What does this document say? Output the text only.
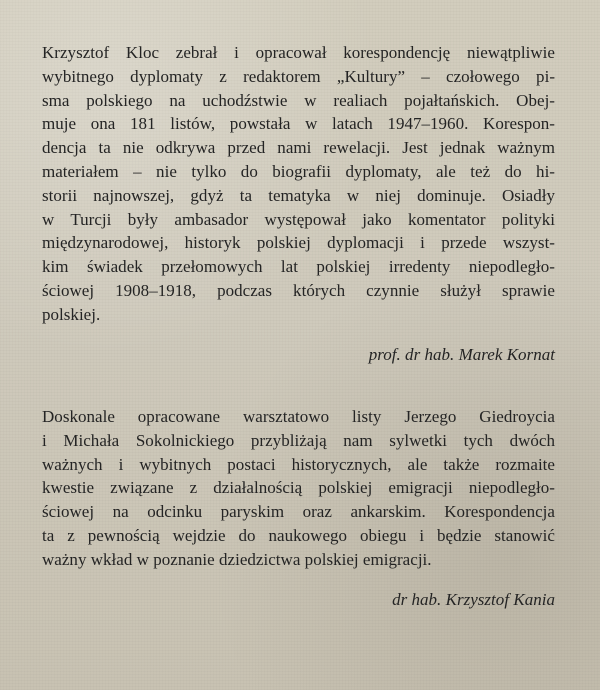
Krzysztof Kloc zebrał i opracował korespondencję niewątpliwie
wybitnego dyplomaty z redaktorem „Kultury” – czołowego pi-
sma polskiego na uchodźstwie w realiach pojałtańskich. Obej-
muje ona 181 listów, powstała w latach 1947–1960. Korespon-
dencja ta nie odkrywa przed nami rewelacji. Jest jednak ważnym
materiałem – nie tylko do biografii dyplomaty, ale też do hi-
storii najnowszej, gdyż ta tematyka w niej dominuje. Osiadły
w Turcji były ambasador występował jako komentator polityki
międzynarodowej, historyk polskiej dyplomacji i przede wszyst-
kim świadek przełomowych lat polskiej irredenty niepodległo-
ściowej 1908–1918, podczas których czynnie służył sprawie
polskiej.
prof. dr hab. Marek Kornat
Doskonale opracowane warsztatowo listy Jerzego Giedroycia
i Michała Sokolnickiego przybliżają nam sylwetki tych dwóch
ważnych i wybitnych postaci historycznych, ale także rozmaite
kwestie związane z działalnością polskiej emigracji niepodległo-
ściowej na odcinku paryskim oraz ankarskim. Korespondencja
ta z pewnością wejdzie do naukowego obiegu i będzie stanowić
ważny wkład w poznanie dziedzictwa polskiej emigracji.
dr hab. Krzysztof Kania
